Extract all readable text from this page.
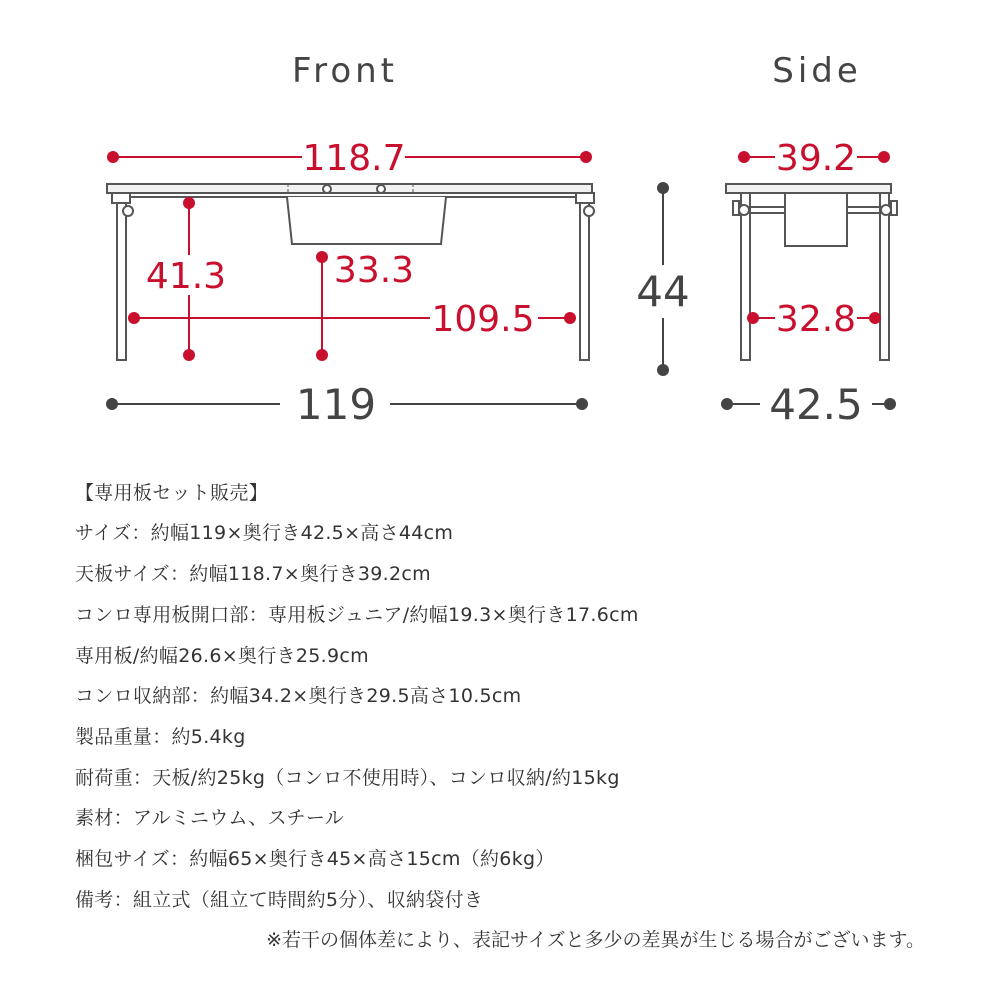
Front
118.7
41.3	33.3
109.5
119
44
Side
39.2
32.8
42.5
【専用板セット販売】
サイズ：約幅119×奥行き42.5×高さ44cm
天板サイズ：約幅118.7×奥行き39.2cm
コンロ専用板開口部：専用板ジュニア/約幅19.3×奥行き17.6cm
専用板/約幅26.6×奥行き25.9cm
コンロ収納部：約幅34.2×奥行き29.5高さ10.5cm
製品重量：約5.4kg
耐荷重：天板/約25kg（コンロ不使用時）、コンロ収納/約15kg
素材：アルミニウム、スチール
梱包サイズ：約幅65×奥行き45×高さ15cm（約6kg）
備考：組立式（組立て時間約5分）、収納袋付き
※若干の個体差により、表記サイズと多少の差異が生じる場合がございます。
